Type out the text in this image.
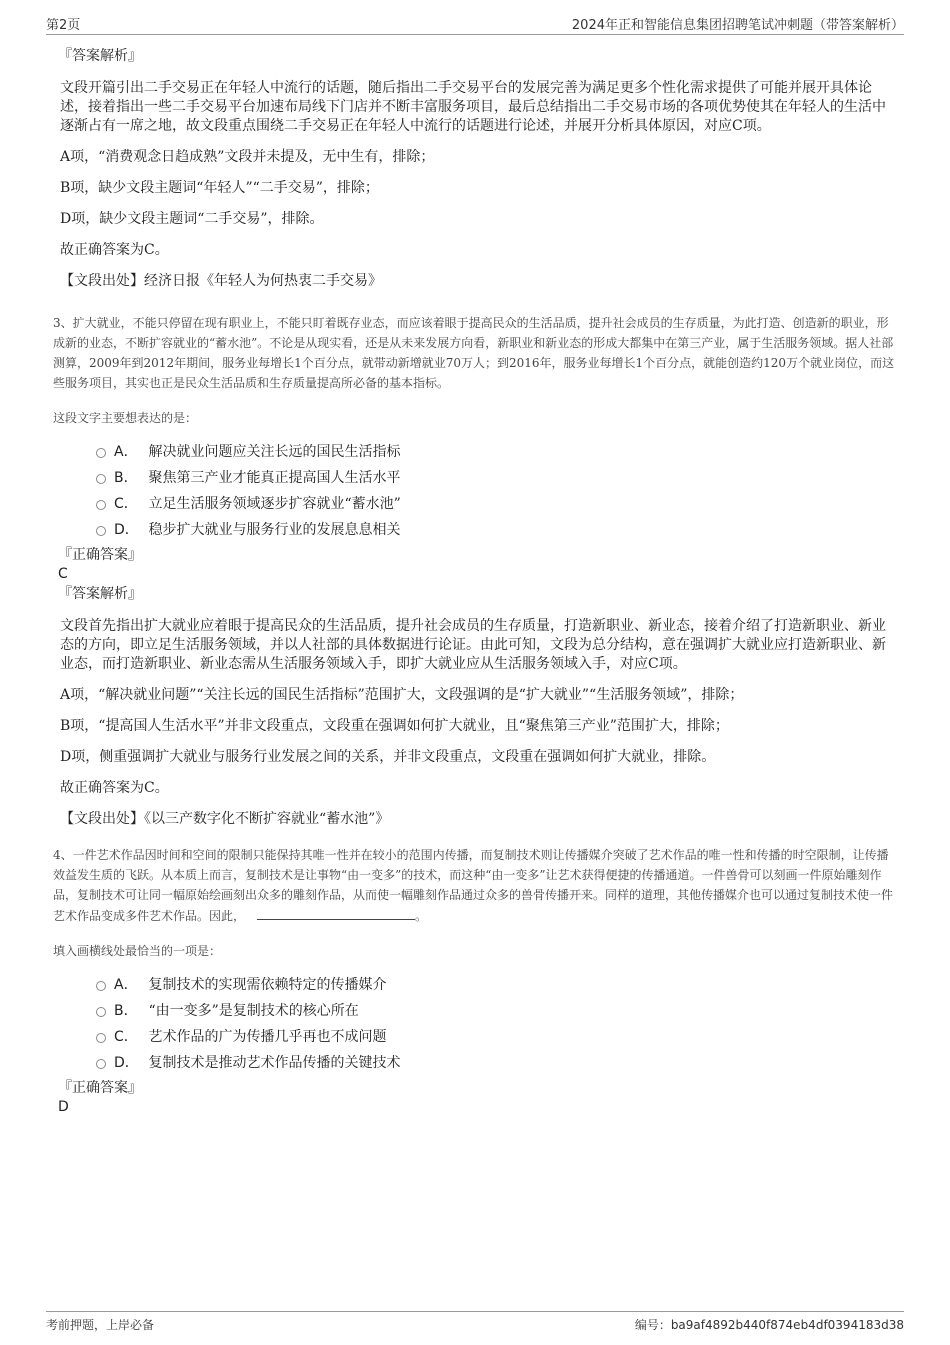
第2页	2024年正和智能信息集团招聘笔试冲刺题（带答案解析）
『答案解析』

文段开篇引出二手交易正在年轻人中流行的话题，随后指出二手交易平台的发展完善为满足更多个性化需求提供了可能并展开具体论述，接着指出一些二手交易平台加速布局线下门店并不断丰富服务项目，最后总结指出二手交易市场的各项优势使其在年轻人的生活中逐渐占有一席之地，故文段重点围绕二手交易正在年轻人中流行的话题进行论述，并展开分析具体原因，对应C项。

A项，“消费观念日趋成熟”文段并未提及，无中生有，排除；

B项，缺少文段主题词“年轻人”“二手交易”，排除；

D项，缺少文段主题词“二手交易”，排除。

故正确答案为C。

【文段出处】经济日报《年轻人为何热衷二手交易》

3、扩大就业，不能只停留在现有职业上，不能只盯着既存业态，而应该着眼于提高民众的生活品质，提升社会成员的生存质量，为此打造、创造新的职业，形成新的业态，不断扩容就业的“蓄水池”。不论是从现实看，还是从未来发展方向看，新职业和新业态的形成大都集中在第三产业，属于生活服务领域。据人社部测算，2009年到2012年期间，服务业每增长1个百分点，就带动新增就业70万人；到2016年，服务业每增长1个百分点，就能创造约120万个就业岗位，而这些服务项目，其实也正是民众生活品质和生存质量提高所必备的基本指标。

这段文字主要想表达的是：

A． 解决就业问题应关注长远的国民生活指标
B． 聚焦第三产业才能真正提高国人生活水平
C． 立足生活服务领域逐步扩容就业“蓄水池”
D． 稳步扩大就业与服务行业的发展息息相关
『正确答案』
C
『答案解析』

文段首先指出扩大就业应着眼于提高民众的生活品质，提升社会成员的生存质量，打造新职业、新业态，接着介绍了打造新职业、新业态的方向，即立足生活服务领域，并以人社部的具体数据进行论证。由此可知，文段为总分结构，意在强调扩大就业应打造新职业、新业态，而打造新职业、新业态需从生活服务领域入手，即扩大就业应从生活服务领域入手，对应C项。

A项，“解决就业问题”“关注长远的国民生活指标”范围扩大，文段强调的是“扩大就业”“生活服务领域”，排除；

B项，“提高国人生活水平”并非文段重点，文段重在强调如何扩大就业，且“聚焦第三产业”范围扩大，排除；

D项，侧重强调扩大就业与服务行业发展之间的关系，并非文段重点，文段重在强调如何扩大就业，排除。

故正确答案为C。

【文段出处】《以三产数字化不断扩容就业“蓄水池”》

4、一件艺术作品因时间和空间的限制只能保持其唯一性并在较小的范围内传播，而复制技术则让传播媒介突破了艺术作品的唯一性和传播的时空限制，让传播效益发生质的飞跃。从本质上而言，复制技术是让事物“由一变多”的技术，而这种“由一变多”让艺术获得便捷的传播通道。一件兽骨可以刻画一件原始雕刻作品，复制技术可让同一幅原始绘画刻出众多的雕刻作品，从而使一幅雕刻作品通过众多的兽骨传播开来。同样的道理，其他传播媒介也可以通过复制技术使一件艺术作品变成多件艺术作品。因此，	。

填入画横线处最恰当的一项是：

A． 复制技术的实现需依赖特定的传播媒介
B． “由一变多”是复制技术的核心所在
C． 艺术作品的广为传播几乎再也不成问题
D． 复制技术是推动艺术作品传播的关键技术
『正确答案』
D
考前押题，上岸必备	编号：ba9af4892b440f874eb4df0394183d38
